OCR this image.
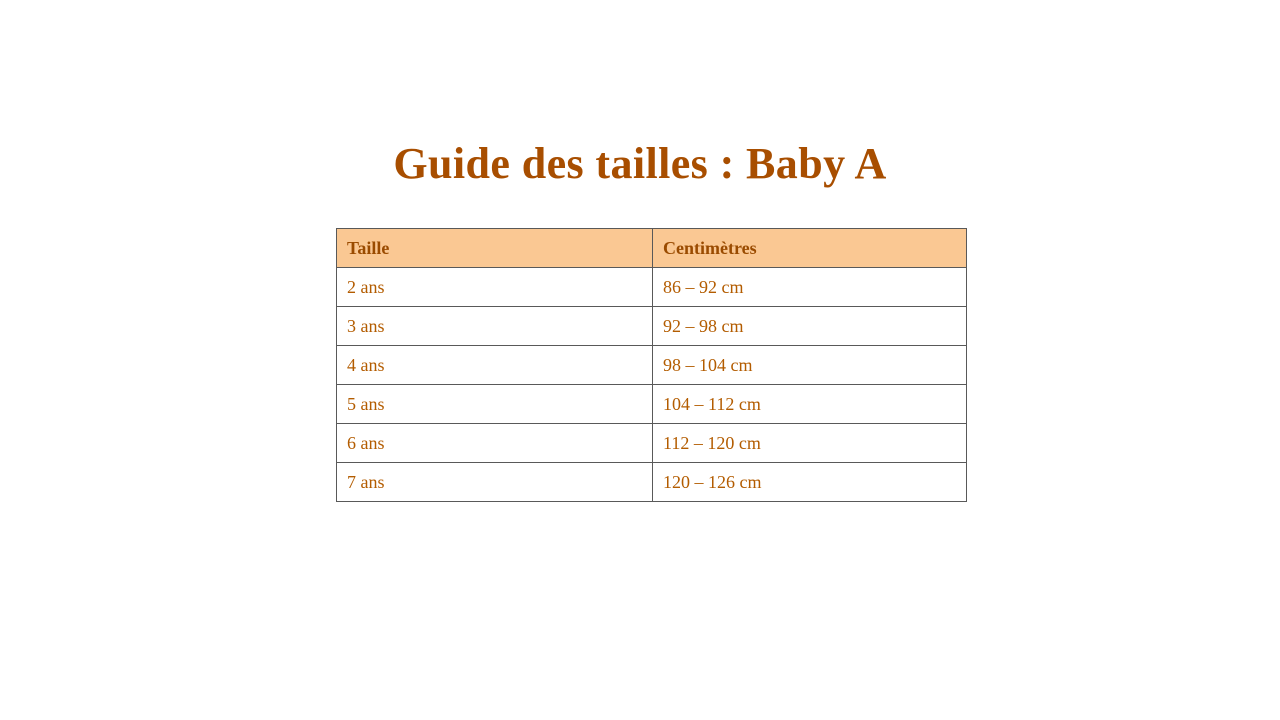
Guide des tailles : Baby A
Taille	Centimètres
2 ans	86 – 92 cm
3 ans	92 – 98 cm
4 ans	98 – 104 cm
5 ans	104 – 112 cm
6 ans	112 – 120 cm
7 ans	120 – 126 cm
